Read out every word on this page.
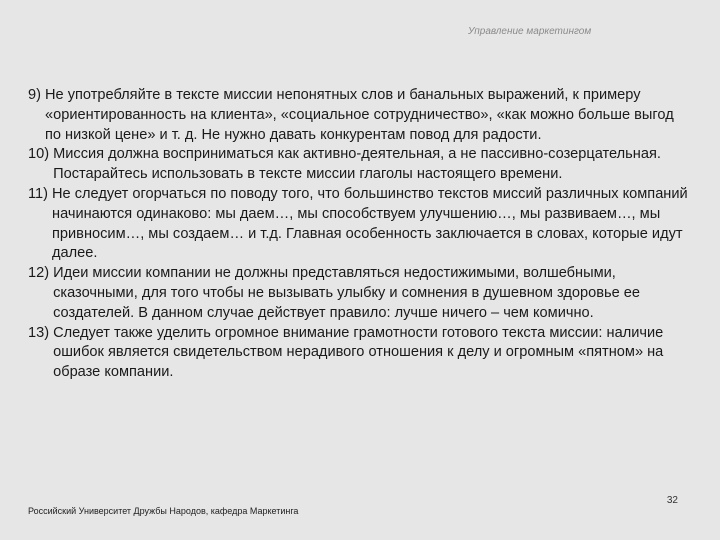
Управление маркетингом
9) Не употребляйте в тексте миссии непонятных слов и банальных выражений, к примеру «ориентированность на клиента», «социальное сотрудничество», «как можно больше выгод по низкой цене» и т. д. Не нужно давать конкурентам повод для радости.
10) Миссия должна восприниматься как активно-деятельная, а не пассивно-созерцательная. Постарайтесь использовать в тексте миссии глаголы настоящего времени.
11) Не следует огорчаться по поводу того, что большинство текстов миссий различных компаний начинаются одинаково: мы даем…, мы способствуем улучшению…, мы развиваем…, мы привносим…, мы создаем… и т.д. Главная особенность заключается в словах, которые идут далее.
12) Идеи миссии компании не должны представляться недостижимыми, волшебными, сказочными, для того чтобы не вызывать улыбку и сомнения в душевном здоровье ее создателей. В данном случае действует правило: лучше ничего – чем комично.
13) Следует также уделить огромное внимание грамотности готового текста миссии: наличие ошибок является свидетельством нерадивого отношения к делу и огромным «пятном» на образе компании.
32
Российский Университет Дружбы Народов, кафедра Маркетинга
